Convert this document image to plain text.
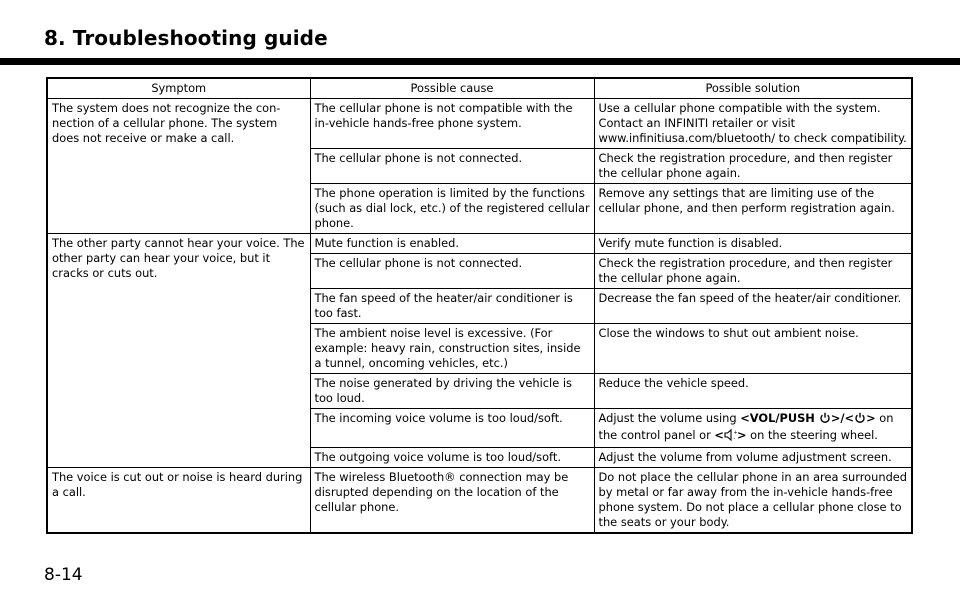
8. Troubleshooting guide
Symptom	Possible cause	Possible solution
The system does not recognize the con- nection of a cellular phone. The system does not receive or make a call.	The cellular phone is not compatible with the in-vehicle hands-free phone system.	Use a cellular phone compatible with the system. Contact an INFINITI retailer or visit www.infinitiusa.com/bluetooth/ to check compatibility.
	The cellular phone is not connected.	Check the registration procedure, and then register the cellular phone again.
	The phone operation is limited by the functions (such as dial lock, etc.) of the registered cellular phone.	Remove any settings that are limiting use of the cellular phone, and then perform registration again.
The other party cannot hear your voice. The other party can hear your voice, but it cracks or cuts out.	Mute function is enabled.	Verify mute function is disabled.
	The cellular phone is not connected.	Check the registration procedure, and then register the cellular phone again.
	The fan speed of the heater/air conditioner is too fast.	Decrease the fan speed of the heater/air conditioner.
	The ambient noise level is excessive. (For example: heavy rain, construction sites, inside a tunnel, oncoming vehicles, etc.)	Close the windows to shut out ambient noise.
	The noise generated by driving the vehicle is too loud.	Reduce the vehicle speed.
	The incoming voice volume is too loud/soft.	Adjust the volume using <VOL/PUSH >/< > on the control panel or < +
- > on the steering wheel.
	The outgoing voice volume is too loud/soft.	Adjust the volume from volume adjustment screen.
The voice is cut out or noise is heard during a call.	The wireless Bluetooth® connection may be disrupted depending on the location of the cellular phone.	Do not place the cellular phone in an area surrounded by metal or far away from the in-vehicle hands-free phone system. Do not place a cellular phone close to the seats or your body.
8-14
